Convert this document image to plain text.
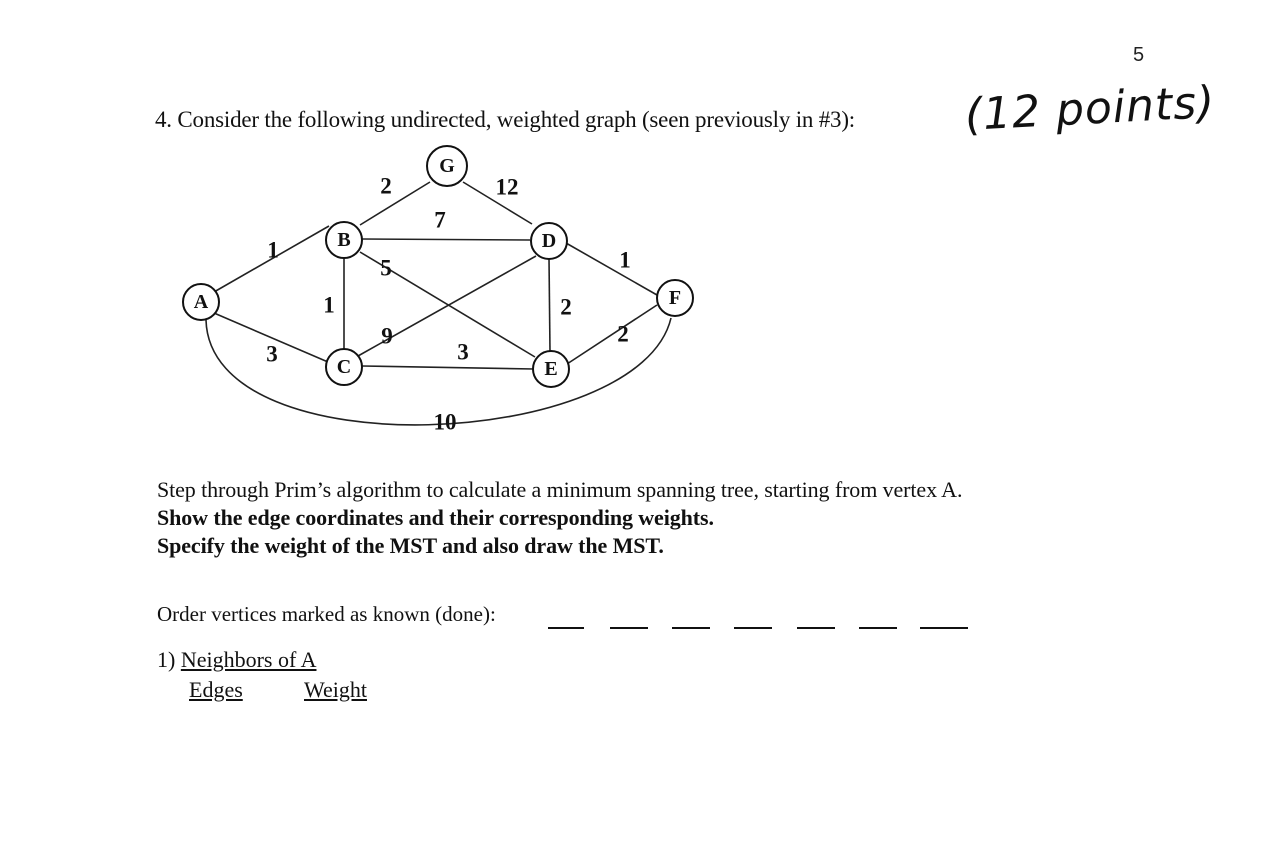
5
4. Consider the following undirected, weighted graph (seen previously in #3): (12 points)
1
3
10
2	12
7
5
1
9
3
2
1
2
A
B
C
D
E
F
G
Step through Prim’s algorithm to calculate a minimum spanning tree, starting from vertex A.
Show the edge coordinates and their corresponding weights.
Specify the weight of the MST and also draw the MST.
Order vertices marked as known (done):
1) Neighbors of A
Edges	Weight
